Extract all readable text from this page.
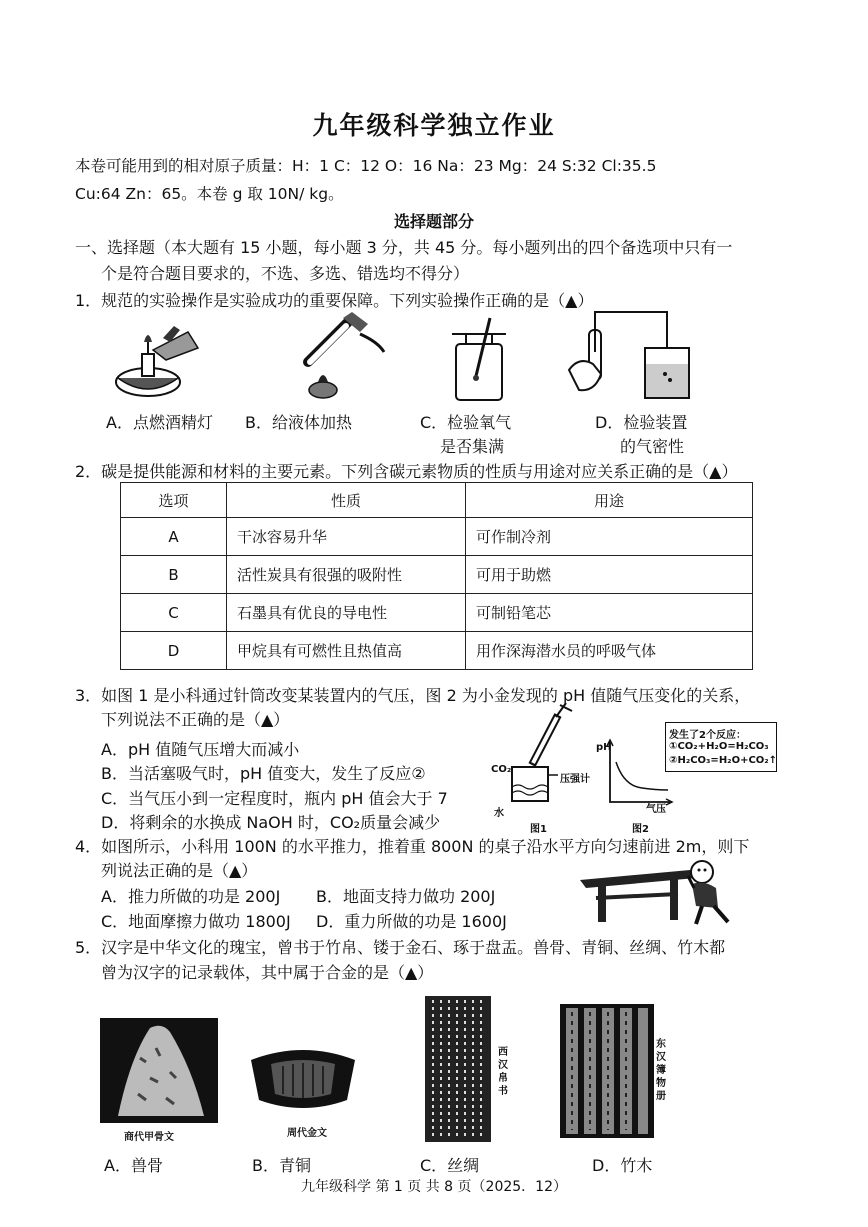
九年级科学独立作业
本卷可能用到的相对原子质量：H：1 C：12 O：16 Na：23 Mg：24 S:32 Cl:35.5
Cu:64 Zn：65。本卷 g 取 10N/ kg。
选择题部分
一、选择题（本大题有 15 小题，每小题 3 分，共 45 分。每小题列出的四个备选项中只有一
个是符合题目要求的，不选、多选、错选均不得分）
1．规范的实验操作是实验成功的重要保障。下列实验操作正确的是（▲）
A．点燃酒精灯 B．给液体加热	C．检验氧气
是否集满
D．检验装置
的气密性
2．碳是提供能源和材料的主要元素。下列含碳元素物质的性质与用途对应关系正确的是（▲）
选项	性质	用途
A	干冰容易升华	可作制冷剂
B	活性炭具有很强的吸附性	可用于助燃
C	石墨具有优良的导电性	可制铅笔芯
D	甲烷具有可燃性且热值高	用作深海潜水员的呼吸气体
3．如图 1 是小科通过针筒改变某装置内的气压，图 2 为小金发现的 pH 值随气压变化的关系，
下列说法不正确的是（▲）
A．pH 值随气压增大而减小
B．当活塞吸气时，pH 值变大，发生了反应②
C．当气压小到一定程度时，瓶内 pH 值会大于 7
D．将剩余的水换成 NaOH 时，CO₂质量会减少
CO₂
压强计
水
图1
pH
气压
图2
发生了2个反应：
①CO₂+H₂O=H₂CO₃
②H₂CO₃=H₂O+CO₂↑
4．如图所示，小科用 100N 的水平推力，推着重 800N 的桌子沿水平方向匀速前进 2m，则下
列说法正确的是（▲）
A．推力所做的功是 200J B．地面支持力做功 200J
C．地面摩擦力做功 1800J D．重力所做的功是 1600J
5．汉字是中华文化的瑰宝，曾书于竹帛、镂于金石、琢于盘盂。兽骨、青铜、丝绸、竹木都
曾为汉字的记录载体，其中属于合金的是（▲）
商代甲骨文	周代金文
西汉帛书
东汉簿物册
A．兽骨	B．青铜	C．丝绸	D．竹木
九年级科学 第 1 页 共 8 页（2025．12）
